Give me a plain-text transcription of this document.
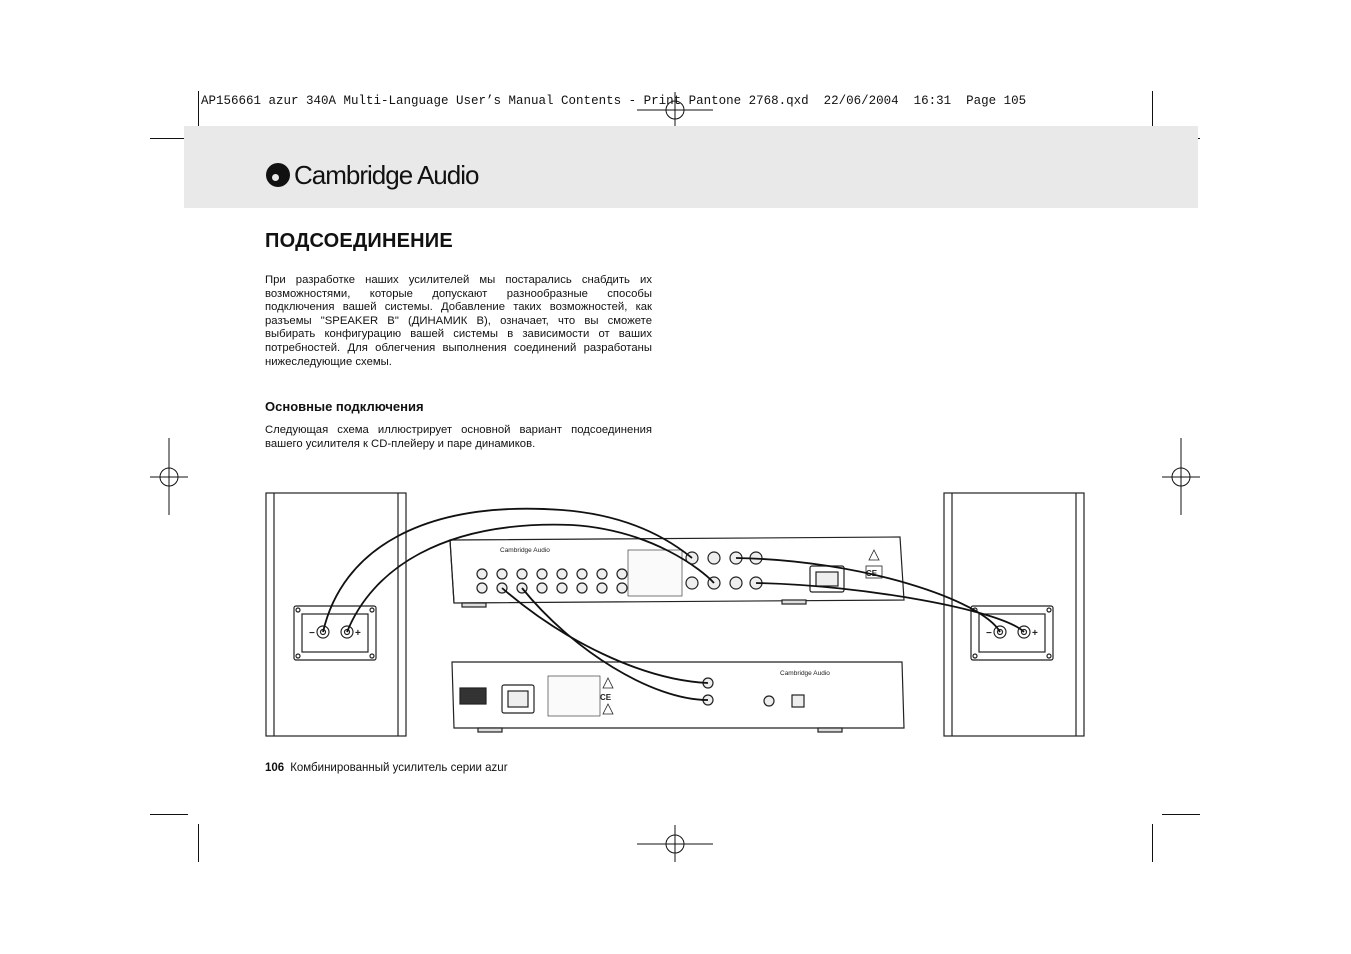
AP156661 azur 340A Multi-Language User’s Manual Contents - Print Pantone 2768.qxd  22/06/2004  16:31  Page 105
Cambridge Audio
ПОДСОЕДИНЕНИЕ
При разработке наших усилителей мы постарались снабдить их возможностями, которые допускают разнообразные способы подключения вашей системы. Добавление таких возможностей, как разъемы "SPEAKER B" (ДИНАМИК B), означает, что вы сможете выбирать конфигурацию вашей системы в зависимости от ваших потребностей. Для облегчения выполнения соединений разработаны нижеследующие схемы.
Основные подключения
Следующая схема иллюстрирует основной вариант подсоединения вашего усилителя к CD-плейеру и паре динамиков.
Cambridge Audio
Cambridge Audio
CE
CE
−	+	−	+
106 Комбинированный усилитель серии azur
